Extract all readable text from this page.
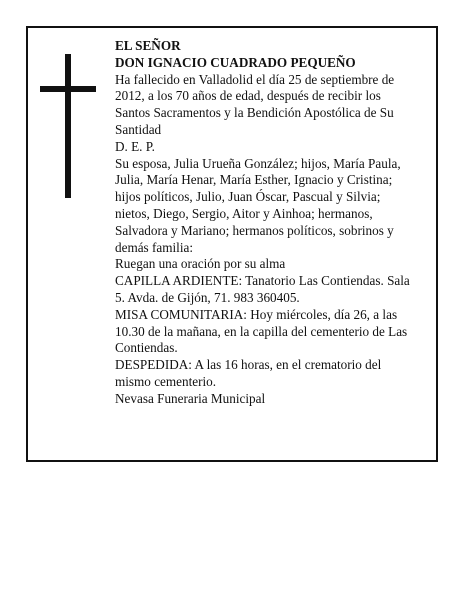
EL SEÑOR

DON IGNACIO CUADRADO PEQUEÑO

Ha fallecido en Valladolid el día 25 de septiembre de 2012, a los 70 años de edad, después de recibir los Santos Sacramentos y la Bendición Apostólica de Su Santidad

D. E. P.

Su esposa, Julia Urueña González; hijos, María Paula, Julia, María Henar, María Esther, Ignacio y Cristina; hijos políticos, Julio, Juan Óscar, Pascual y Silvia; nietos, Diego, Sergio, Aitor y Ainhoa; hermanos, Salvadora y Mariano; hermanos políticos, sobrinos y demás familia:

Ruegan una oración por su alma

CAPILLA ARDIENTE: Tanatorio Las Contiendas. Sala 5. Avda. de Gijón, 71. 983 360405.

MISA COMUNITARIA: Hoy miércoles, día 26, a las 10.30 de la mañana, en la capilla del cementerio de Las Contiendas.

DESPEDIDA: A las 16 horas, en el crematorio del mismo cementerio.

Nevasa Funeraria Municipal
